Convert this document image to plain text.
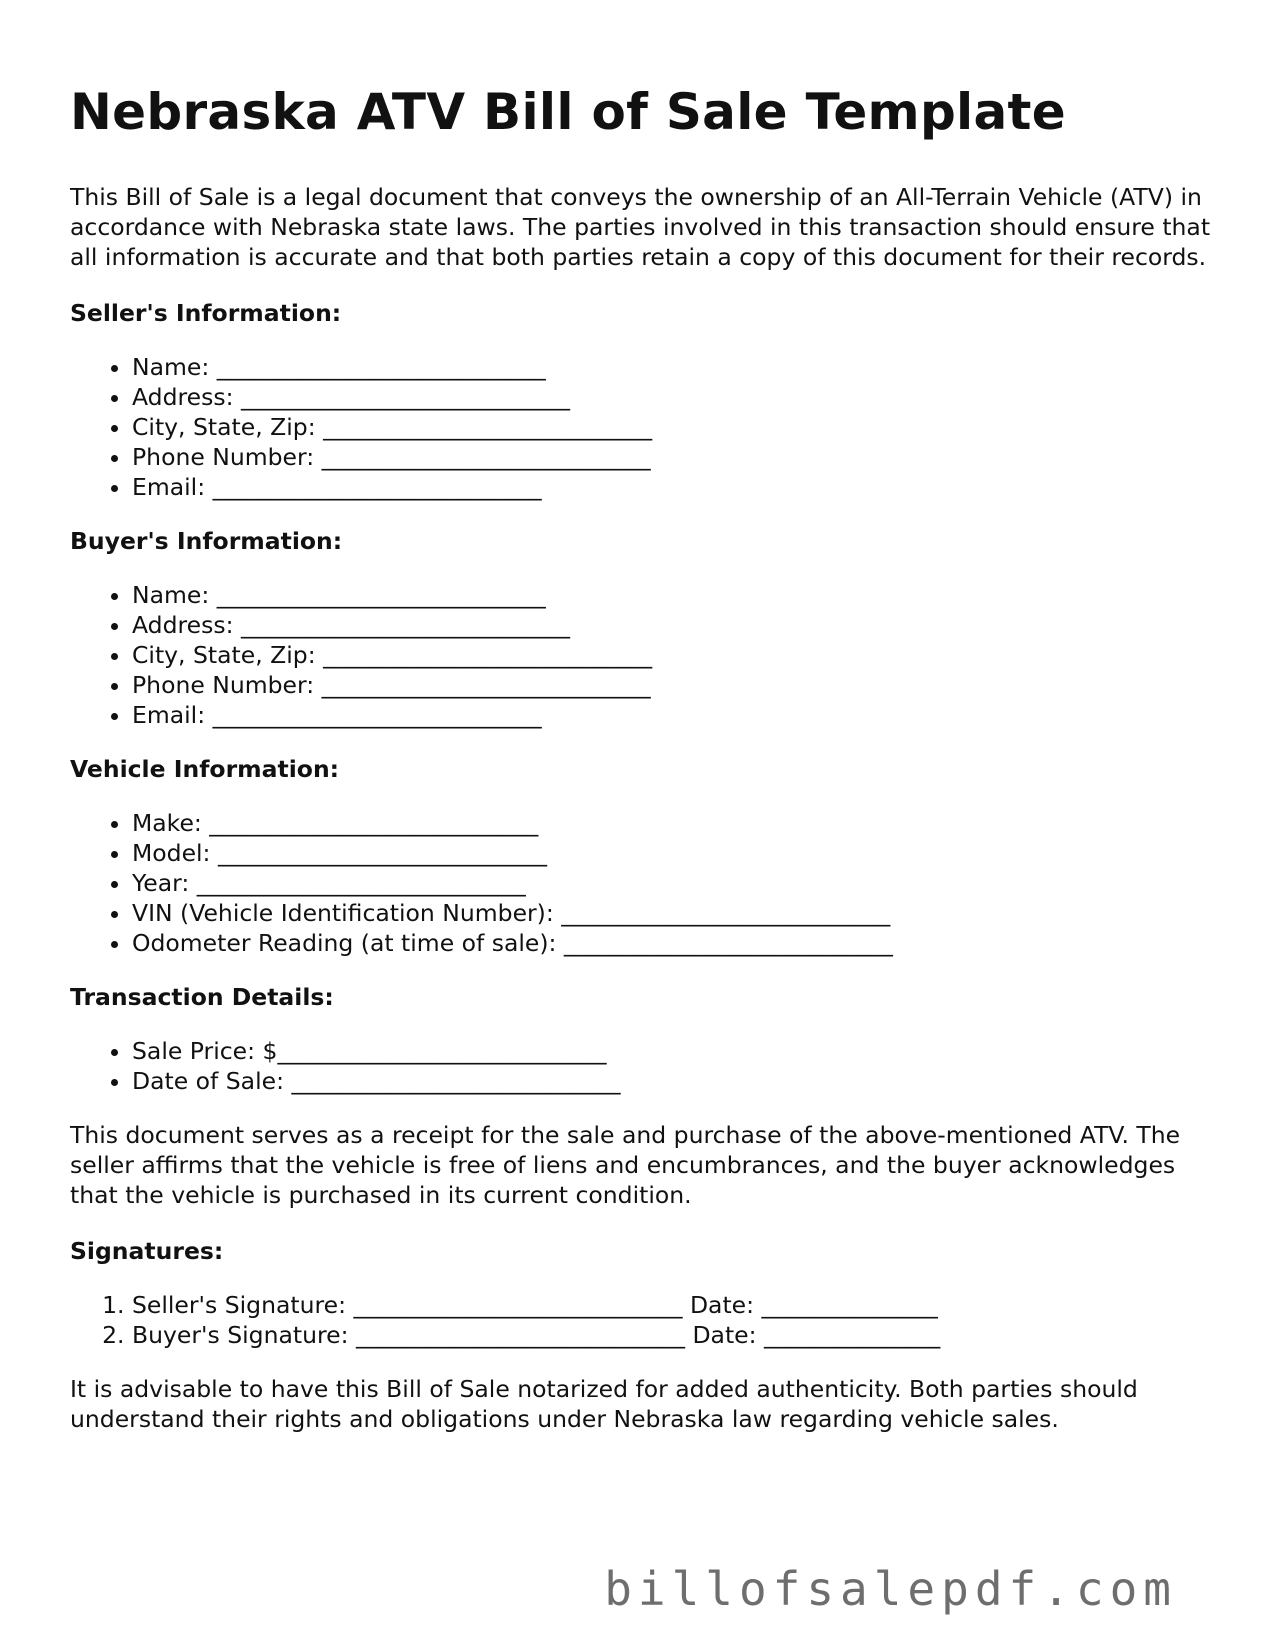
Nebraska ATV Bill of Sale Template

This Bill of Sale is a legal document that conveys the ownership of an All-Terrain Vehicle (ATV) in accordance with Nebraska state laws. The parties involved in this transaction should ensure that all information is accurate and that both parties retain a copy of this document for their records.

Seller's Information:
• Name: ____________________________
• Address: ____________________________
• City, State, Zip: ____________________________
• Phone Number: ____________________________
• Email: ____________________________
Buyer's Information:
• Name: ____________________________
• Address: ____________________________
• City, State, Zip: ____________________________
• Phone Number: ____________________________
• Email: ____________________________
Vehicle Information:
• Make: ____________________________
• Model: ____________________________
• Year: ____________________________
• VIN (Vehicle Identification Number): ____________________________
• Odometer Reading (at time of sale): ____________________________
Transaction Details:
• Sale Price: $____________________________
• Date of Sale: ____________________________

This document serves as a receipt for the sale and purchase of the above-mentioned ATV. The seller affirms that the vehicle is free of liens and encumbrances, and the buyer acknowledges that the vehicle is purchased in its current condition.

Signatures:
1. Seller's Signature: ____________________________ Date: _______________
2. Buyer's Signature: ____________________________ Date: _______________

It is advisable to have this Bill of Sale notarized for added authenticity. Both parties should understand their rights and obligations under Nebraska law regarding vehicle sales.

billofsalepdf.com
